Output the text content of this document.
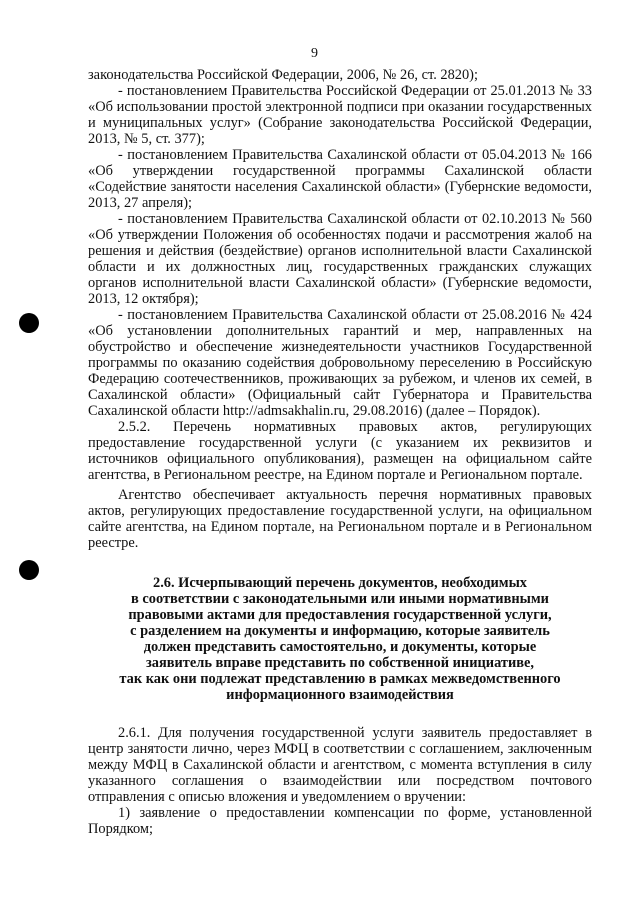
9

законодательства Российской Федерации, 2006, № 26, ст. 2820);

- постановлением Правительства Российской Федерации от 25.01.2013 № 33 «Об использовании простой электронной подписи при оказании государственных и муниципальных услуг» (Собрание законодательства Российской Федерации, 2013, № 5, ст. 377);

- постановлением Правительства Сахалинской области от 05.04.2013 № 166 «Об утверждении государственной программы Сахалинской области «Содействие занятости населения Сахалинской области» (Губернские ведомости, 2013, 27 апреля);

- постановлением Правительства Сахалинской области от 02.10.2013 № 560 «Об утверждении Положения об особенностях подачи и рассмотрения жалоб на решения и действия (бездействие) органов исполнительной власти Сахалинской области и их должностных лиц, государственных гражданских служащих органов исполнительной власти Сахалинской области» (Губернские ведомости, 2013, 12 октября);

- постановлением Правительства Сахалинской области от 25.08.2016 № 424 «Об установлении дополнительных гарантий и мер, направленных на обустройство и обеспечение жизнедеятельности участников Государственной программы по оказанию содействия добровольному переселению в Российскую Федерацию соотечественников, проживающих за рубежом, и членов их семей, в Сахалинской области» (Официальный сайт Губернатора и Правительства Сахалинской области http://admsakhalin.ru, 29.08.2016) (далее – Порядок).

2.5.2. Перечень нормативных правовых актов, регулирующих предоставление государственной услуги (с указанием их реквизитов и источников официального опубликования), размещен на официальном сайте агентства, в Региональном реестре, на Едином портале и Региональном портале.

Агентство обеспечивает актуальность перечня нормативных правовых актов, регулирующих предоставление государственной услуги, на официальном сайте агентства, на Едином портале, на Региональном портале и в Региональном реестре.

2.6. Исчерпывающий перечень документов, необходимых
в соответствии с законодательными или иными нормативными
правовыми актами для предоставления государственной услуги,
с разделением на документы и информацию, которые заявитель
должен представить самостоятельно, и документы, которые
заявитель вправе представить по собственной инициативе,
так как они подлежат представлению в рамках межведомственного
информационного взаимодействия

2.6.1. Для получения государственной услуги заявитель предоставляет в центр занятости лично, через МФЦ в соответствии с соглашением, заключенным между МФЦ в Сахалинской области и агентством, с момента вступления в силу указанного соглашения о взаимодействии или посредством почтового отправления с описью вложения и уведомлением о вручении:

1) заявление о предоставлении компенсации по форме, установленной Порядком;
